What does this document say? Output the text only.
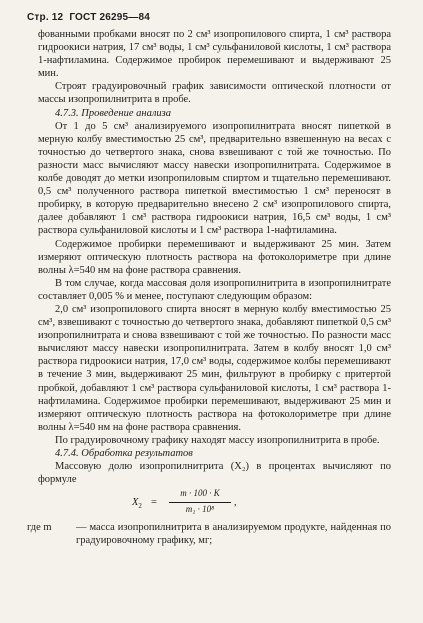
Стр. 12 ГОСТ 26295—84

фованными пробками вносят по 2 см³ изопропилового спирта, 1 см³ раствора гидроокиси натрия, 17 см³ воды, 1 см³ сульфаниловой кислоты, 1 см³ раствора 1-нафтиламина. Содержимое пробирок перемешивают и выдерживают 25 мин.

Строят градуировочный график зависимости оптической плотности от массы изопропилнитрита в пробе.

4.7.3. Проведение анализа

От 1 до 5 см³ анализируемого изопропилнитрата вносят пипеткой в мерную колбу вместимостью 25 см³, предварительно взвешенную на весах с точностью до четвертого знака, снова взвешивают с той же точностью. По разности масс вычисляют массу навески изопропилнитрата. Содержимое в колбе доводят до метки изопропиловым спиртом и тщательно перемешивают. 0,5 см³ полученного раствора пипеткой вместимостью 1 см³ переносят в пробирку, в которую предварительно внесено 2 см³ изопропилового спирта, далее добавляют 1 см³ раствора гидроокиси натрия, 16,5 см³ воды, 1 см³ раствора сульфаниловой кислоты и 1 см³ раствора 1-нафтиламина.

Содержимое пробирки перемешивают и выдерживают 25 мин. Затем измеряют оптическую плотность раствора на фотоколориметре при длине волны λ=540 нм на фоне раствора сравнения.

В том случае, когда массовая доля изопропилнитрита в изопропилнитрате составляет 0,005 % и менее, поступают следующим образом:

2,0 см³ изопропилового спирта вносят в мерную колбу вместимостью 25 см³, взвешивают с точностью до четвертого знака, добавляют пипеткой 0,5 см³ изопропилнитрата и снова взвешивают с той же точностью. По разности масс вычисляют массу навески изопропилнитрата. Затем в колбу вносят 1,0 см³ раствора гидроокиси натрия, 17,0 см³ воды, содержимое колбы перемешивают в течение 3 мин, выдерживают 25 мин, фильтруют в пробирку с притертой пробкой, добавляют 1 см³ раствора сульфаниловой кислоты, 1 см³ раствора 1-нафтиламина. Содержимое пробирки перемешивают, выдерживают 25 мин и измеряют оптическую плотность раствора на фотоколориметре при длине волны λ=540 нм на фоне раствора сравнения.

По градуировочному графику находят массу изопропилнитрита в пробе.

4.7.4. Обработка результатов

Массовую долю изопропилнитрита (X₂) в процентах вычисляют по формуле

$X_2$ =
m · 100 · K
m₁ · 10⁸
,
где m — масса изопропилнитрита в анализируемом продукте, найденная по градуировочному графику, мг;
